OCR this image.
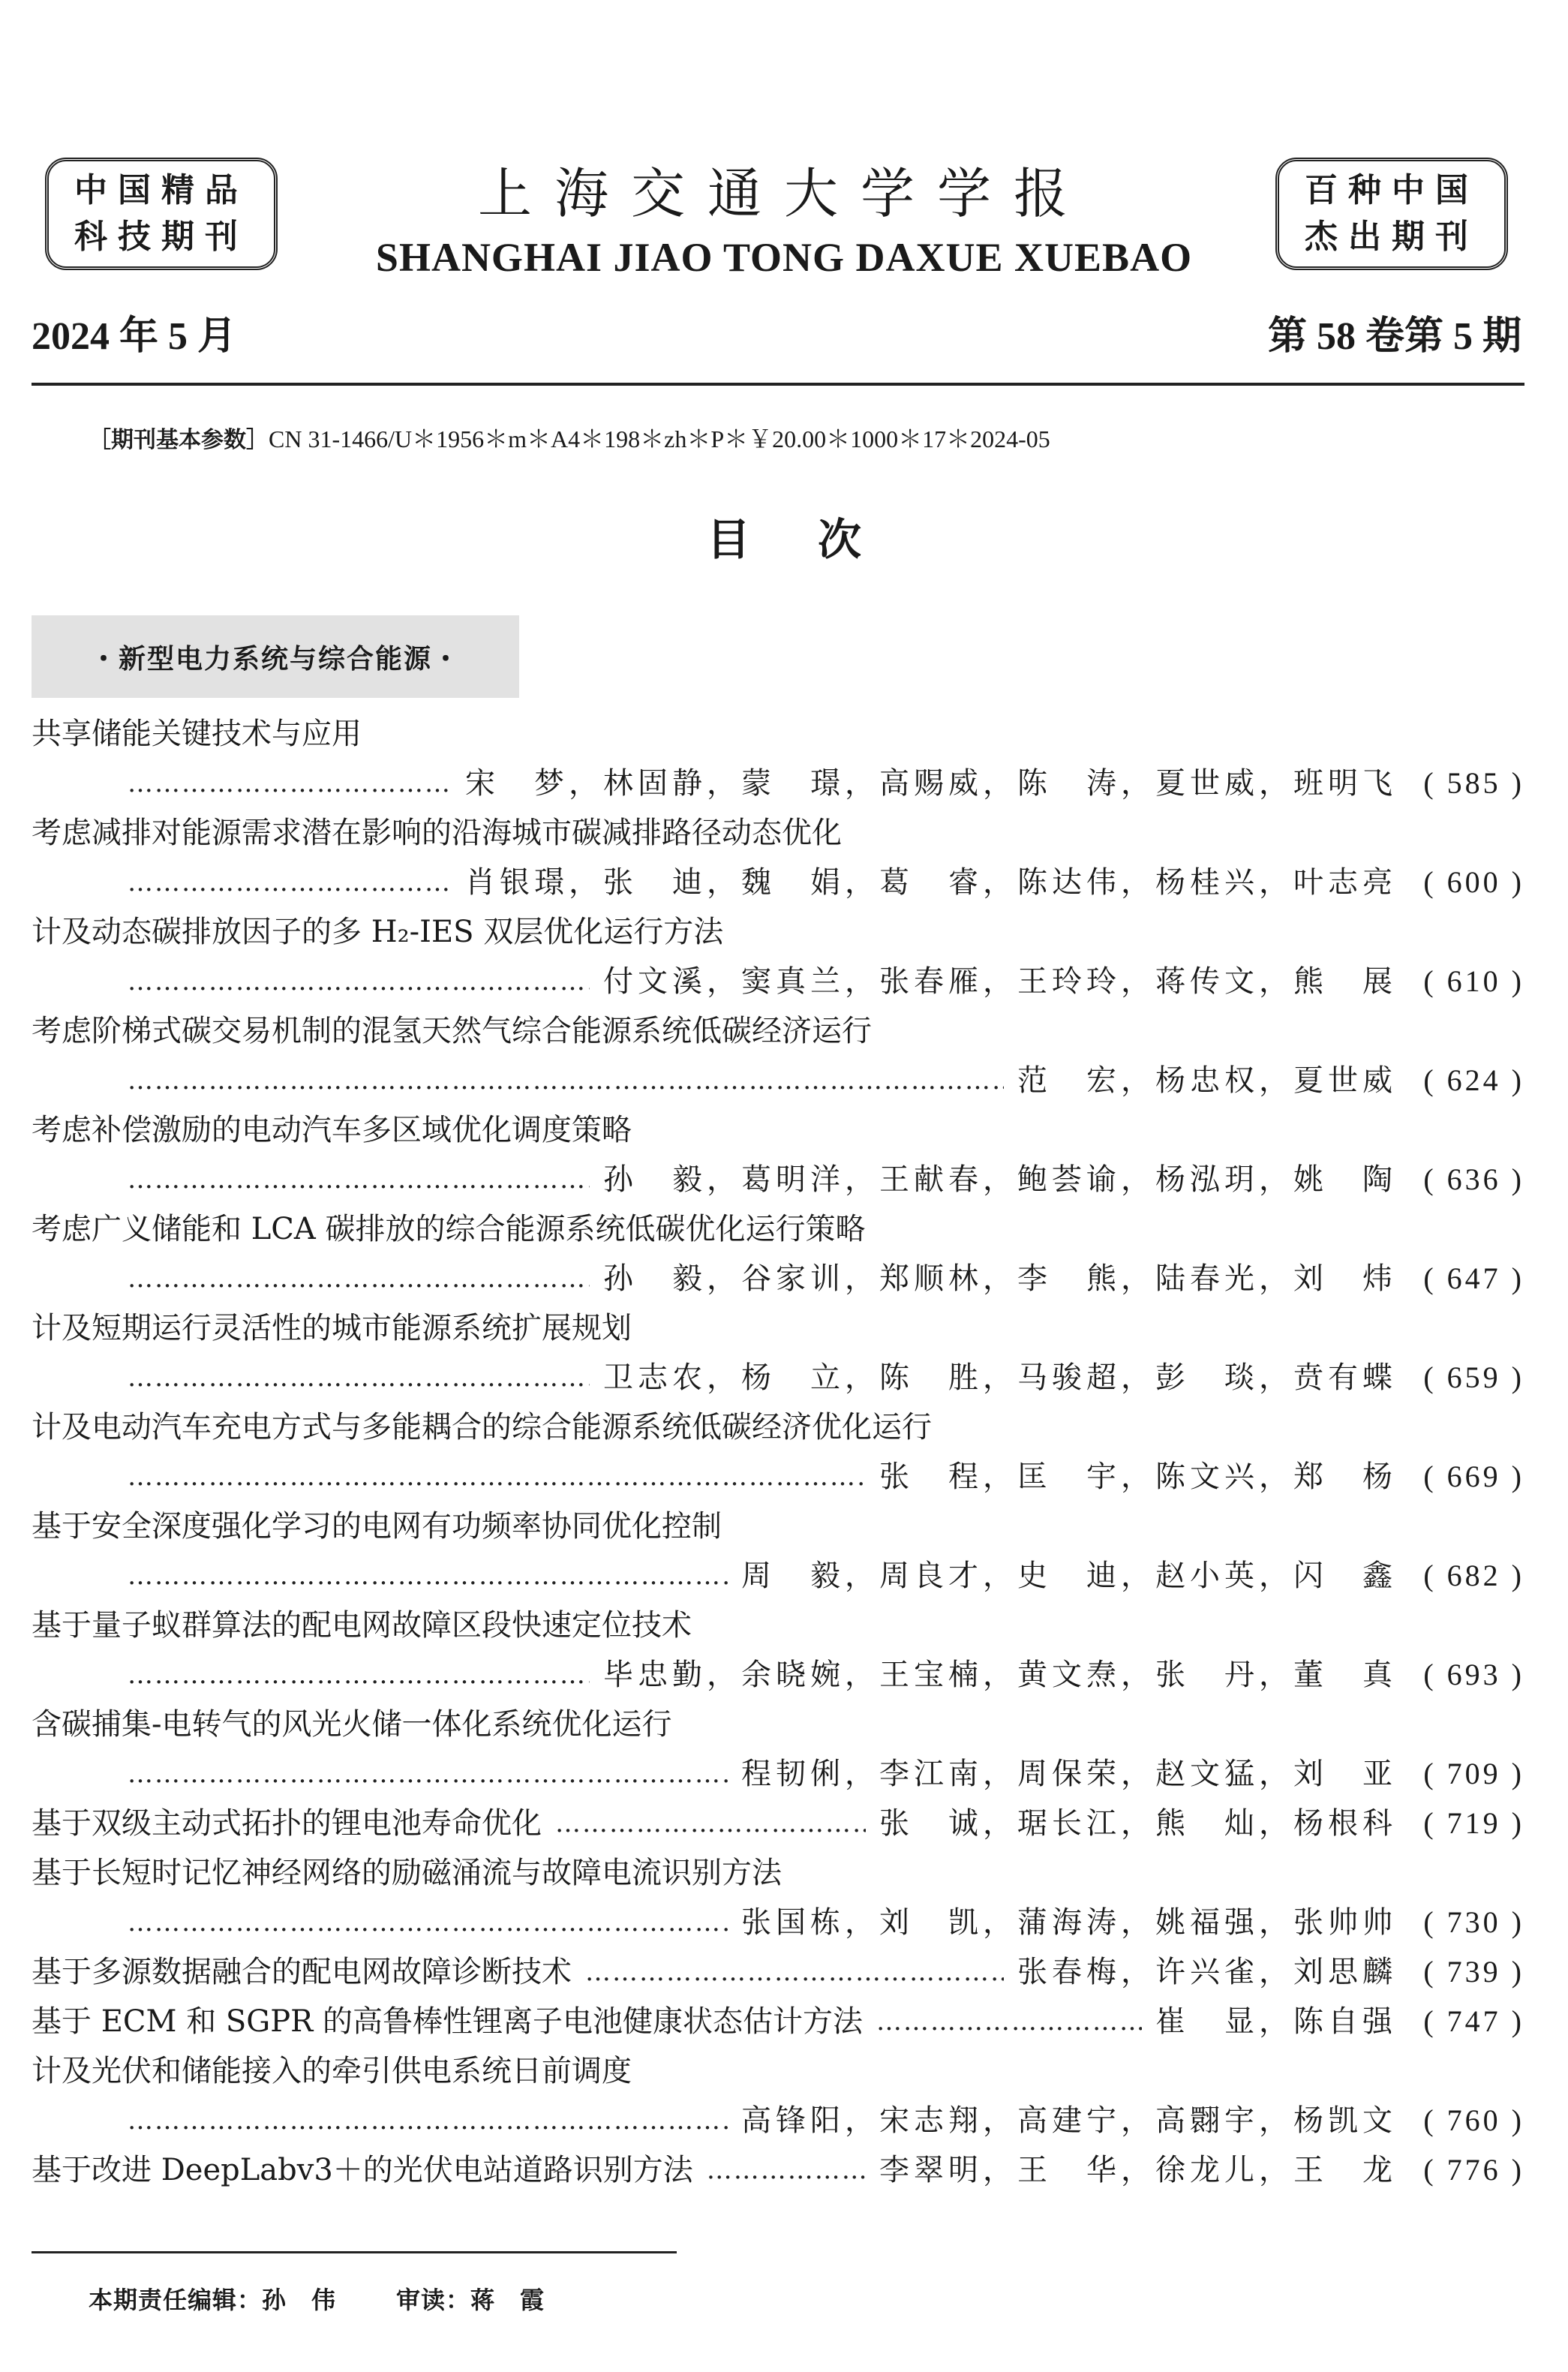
中国精品
科技期刊
上海交通大学学报
SHANGHAI JIAO TONG DAXUE XUEBAO
百种中国
杰出期刊
2024 年 5 月	第 58 卷第 5 期
［期刊基本参数］CN 31-1466/U＊1956＊m＊A4＊198＊zh＊P＊￥20.00＊1000＊17＊2024-05
目次
・新型电力系统与综合能源・
共享储能关键技术与应用
……………………………………………………………………………………………………………………………………………………
宋　梦，林固静，蒙　璟，高赐威，陈　涛，夏世威，班明飞 ( 585 )
考虑减排对能源需求潜在影响的沿海城市碳减排路径动态优化
……………………………………………………………………………………………………………………………………………………
肖银璟，张　迪，魏　娟，葛　睿，陈达伟，杨桂兴，叶志亮 ( 600 )
计及动态碳排放因子的多 H₂-IES 双层优化运行方法
……………………………………………………………………………………………………………………………………………………
付文溪，窦真兰，张春雁，王玲玲，蒋传文，熊　展 ( 610 )
考虑阶梯式碳交易机制的混氢天然气综合能源系统低碳经济运行
……………………………………………………………………………………………………………………………………………………
范　宏，杨忠权，夏世威 ( 624 )
考虑补偿激励的电动汽车多区域优化调度策略
……………………………………………………………………………………………………………………………………………………
孙　毅，葛明洋，王献春，鲍荟谕，杨泓玥，姚　陶 ( 636 )
考虑广义储能和 LCA 碳排放的综合能源系统低碳优化运行策略
……………………………………………………………………………………………………………………………………………………
孙　毅，谷家训，郑顺林，李　熊，陆春光，刘　炜 ( 647 )
计及短期运行灵活性的城市能源系统扩展规划
……………………………………………………………………………………………………………………………………………………
卫志农，杨　立，陈　胜，马骏超，彭　琰，贲有蝶 ( 659 )
计及电动汽车充电方式与多能耦合的综合能源系统低碳经济优化运行
……………………………………………………………………………………………………………………………………………………
张　程，匡　宇，陈文兴，郑　杨 ( 669 )
基于安全深度强化学习的电网有功频率协同优化控制
……………………………………………………………………………………………………………………………………………………
周　毅，周良才，史　迪，赵小英，闪　鑫 ( 682 )
基于量子蚁群算法的配电网故障区段快速定位技术
……………………………………………………………………………………………………………………………………………………
毕忠勤，余晓婉，王宝楠，黄文焘，张　丹，董　真 ( 693 )
含碳捕集-电转气的风光火储一体化系统优化运行
……………………………………………………………………………………………………………………………………………………
程韧俐，李江南，周保荣，赵文猛，刘　亚 ( 709 )
基于双级主动式拓扑的锂电池寿命优化 ……………………………………………………………………………………………………………………………………………………	张　诚，琚长江，熊　灿，杨根科 ( 719 )
基于长短时记忆神经网络的励磁涌流与故障电流识别方法
……………………………………………………………………………………………………………………………………………………
张国栋，刘　凯，蒲海涛，姚福强，张帅帅 ( 730 )
基于多源数据融合的配电网故障诊断技术 ……………………………………………………………………………………………………………………………………………………	张春梅，许兴雀，刘思麟 ( 739 )
基于 ECM 和 SGPR 的高鲁棒性锂离子电池健康状态估计方法 ……………………………………………………………………………………………………………………………………………………	崔　显，陈自强 ( 747 )
计及光伏和储能接入的牵引供电系统日前调度
……………………………………………………………………………………………………………………………………………………
高锋阳，宋志翔，高建宁，高翾宇，杨凯文 ( 760 )
基于改进 DeepLabv3＋的光伏电站道路识别方法 ……………………………………………………………………………………………………………………………………………………	李翠明，王　华，徐龙儿，王　龙 ( 776 )
本期责任编辑：孙　伟	审读：蒋　霞
